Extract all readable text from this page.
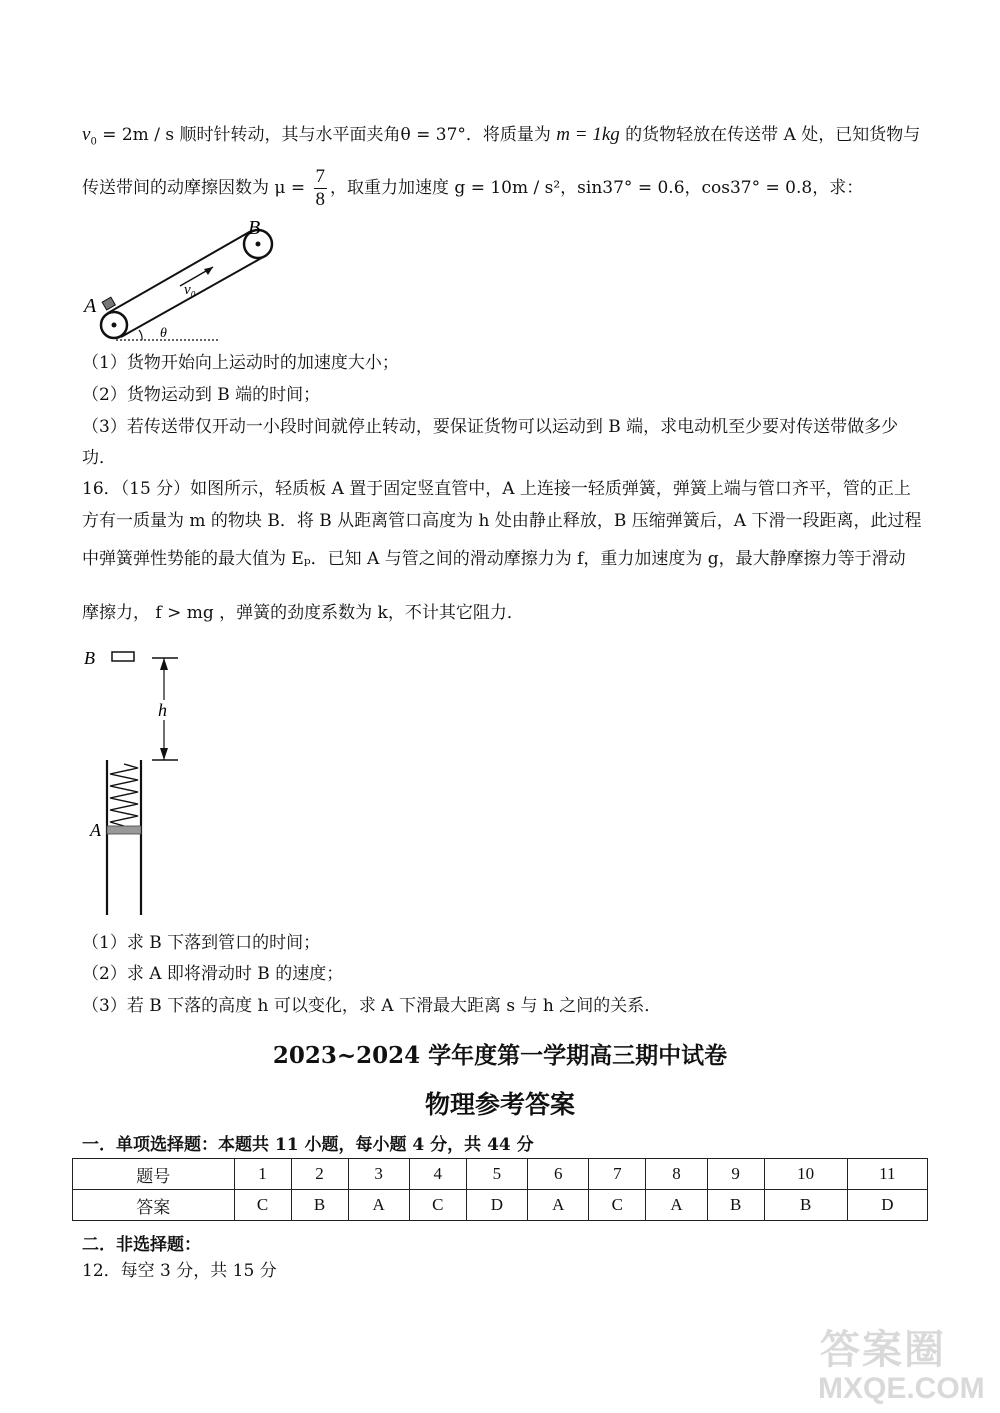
$v_0 = 2m / s$ 顺时针转动，其与水平面夹角θ = 37°．将质量为 m = 1kg 的货物轻放在传送带 A 处，已知货物与
传送带间的动摩擦因数为 $\mu = \frac{7}{8}$ ，取重力加速度 g = 10m / s²，sin37° = 0.6，cos37° = 0.8，求：
A
B
v₀
θ
（1）货物开始向上运动时的加速度大小；
（2）货物运动到 B 端的时间；
（3）若传送带仅开动一小段时间就停止转动，要保证货物可以运动到 B 端，求电动机至少要对传送带做多少
功．
16．（15 分）如图所示，轻质板 A 置于固定竖直管中，A 上连接一轻质弹簧，弹簧上端与管口齐平，管的正上
方有一质量为 m 的物块 B．将 B 从距离管口高度为 h 处由静止释放，B 压缩弹簧后，A 下滑一段距离，此过程
中弹簧弹性势能的最大值为 Eₚ．已知 A 与管之间的滑动摩擦力为 f，重力加速度为 g，最大静摩擦力等于滑动
摩擦力， f > mg ，弹簧的劲度系数为 k，不计其它阻力．
B
h
A
（1）求 B 下落到管口的时间；
（2）求 A 即将滑动时 B 的速度；
（3）若 B 下落的高度 h 可以变化，求 A 下滑最大距离 s 与 h 之间的关系．
2023~2024 学年度第一学期高三期中试卷
物理参考答案
一．单项选择题：本题共 11 小题，每小题 4 分，共 44 分
题号	1	2	3	4	5	6	7	8	9	10	11
答案	C	B	A	C	D	A	C	A	B	B	D
二．非选择题：
12．每空 3 分，共 15 分
答案圈
MXQE.COM
